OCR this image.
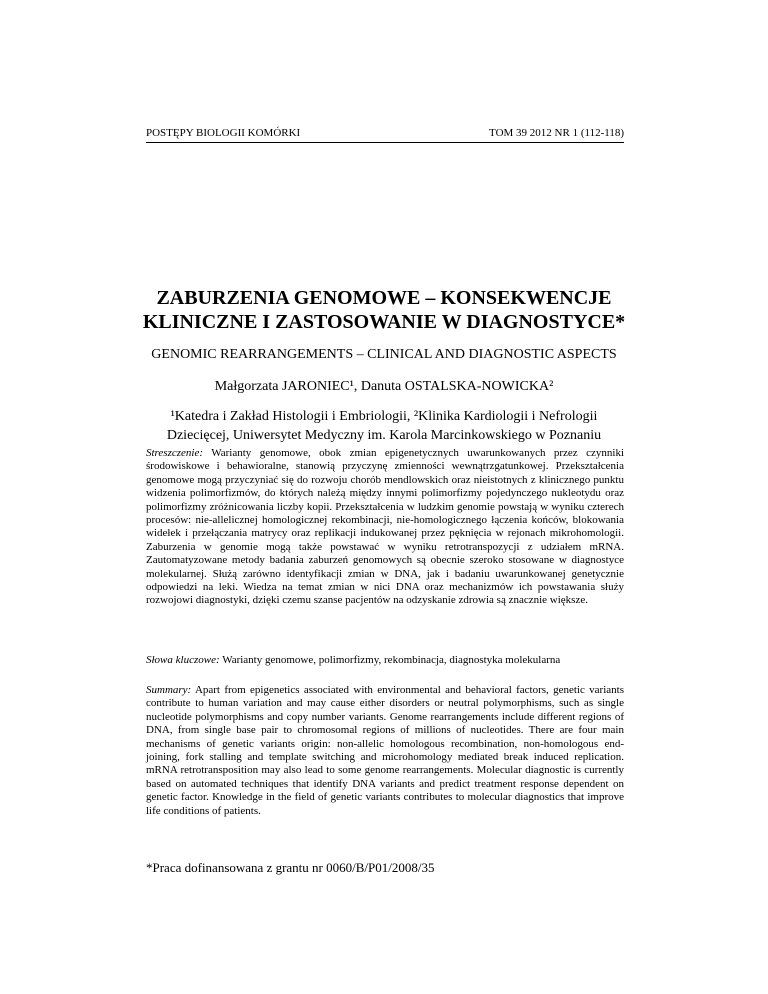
POSTĘPY BIOLOGII KOMÓRKI	TOM 39 2012 NR 1 (112-118)
ZABURZENIA GENOMOWE – KONSEKWENCJE
KLINICZNE I ZASTOSOWANIE W DIAGNOSTYCE*
GENOMIC REARRANGEMENTS – CLINICAL AND DIAGNOSTIC ASPECTS
Małgorzata JARONIEC¹, Danuta OSTALSKA-NOWICKA²
¹Katedra i Zakład Histologii i Embriologii, ²Klinika Kardiologii i Nefrologii
Dziecięcej, Uniwersytet Medyczny im. Karola Marcinkowskiego w Poznaniu

Streszczenie: Warianty genomowe, obok zmian epigenetycznych uwarunkowanych przez czynniki środowiskowe i behawioralne, stanowią przyczynę zmienności wewnątrzgatunkowej. Przekształcenia genomowe mogą przyczyniać się do rozwoju chorób mendlowskich oraz nieistotnych z klinicznego punktu widzenia polimorfizmów, do których należą między innymi polimorfizmy pojedynczego nukleotydu oraz polimorfizmy zróżnicowania liczby kopii. Przekształcenia w ludzkim genomie powstają w wyniku czterech procesów: nie-allelicznej homologicznej rekombinacji, nie-homologicznego łączenia końców, blokowania widełek i przełączania matrycy oraz replikacji indukowanej przez pęknięcia w rejonach mikrohomologii. Zaburzenia w genomie mogą także powstawać w wyniku retrotranspozycji z udziałem mRNA. Zautomatyzowane metody badania zaburzeń genomowych są obecnie szeroko stosowane w diagnostyce molekularnej. Służą zarówno identyfikacji zmian w DNA, jak i badaniu uwarunkowanej genetycznie odpowiedzi na leki. Wiedza na temat zmian w nici DNA oraz mechanizmów ich powstawania służy rozwojowi diagnostyki, dzięki czemu szanse pacjentów na odzyskanie zdrowia są znacznie większe.

Słowa kluczowe: Warianty genomowe, polimorfizmy, rekombinacja, diagnostyka molekularna

Summary: Apart from epigenetics associated with environmental and behavioral factors, genetic variants contribute to human variation and may cause either disorders or neutral polymorphisms, such as single nucleotide polymorphisms and copy number variants. Genome rearrangements include different regions of DNA, from single base pair to chromosomal regions of millions of nucleotides. There are four main mechanisms of genetic variants origin: non-allelic homologous recombination, non-homologous end-joining, fork stalling and template switching and microhomology mediated break induced replication. mRNA retrotransposition may also lead to some genome rearrangements. Molecular diagnostic is currently based on automated techniques that identify DNA variants and predict treatment response dependent on genetic factor. Knowledge in the field of genetic variants contributes to molecular diagnostics that improve life conditions of patients.

*Praca dofinansowana z grantu nr 0060/B/P01/2008/35
